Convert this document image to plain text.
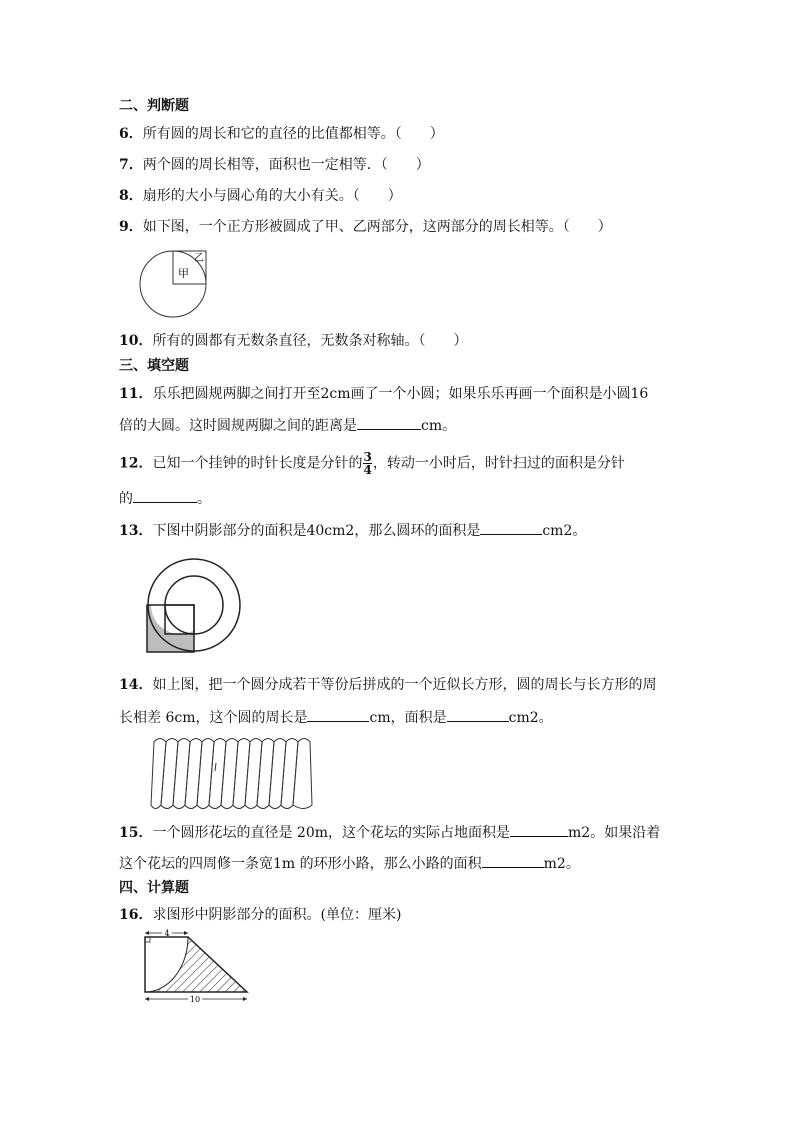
二、判断题
6．所有圆的周长和它的直径的比值都相等。（　　）
7．两个圆的周长相等，面积也一定相等．（　　）
8．扇形的大小与圆心角的大小有关。（　　）
9．如下图，一个正方形被圆成了甲、乙两部分，这两部分的周长相等。（　　）
甲
乙
10．所有的圆都有无数条直径，无数条对称轴。（　　）
三、填空题
11．乐乐把圆规两脚之间打开至2cm画了一个小圆；如果乐乐再画一个面积是小圆16
倍的大圆。这时圆规两脚之间的距离是	cm。
12．已知一个挂钟的时针长度是分针的 $\frac{3}{4}$ ，转动一小时后，时针扫过的面积是分针
的	。
13．下图中阴影部分的面积是40cm2，那么圆环的面积是	cm2。
14．如上图，把一个圆分成若干等份后拼成的一个近似长方形，圆的周长与长方形的周
长相差 6cm，这个圆的周长是	cm，面积是	cm2。
15．一个圆形花坛的直径是 20m，这个花坛的实际占地面积是	m2。如果沿着
这个花坛的四周修一条宽1m 的环形小路，那么小路的面积	m2。
四、计算题
16．求图形中阴影部分的面积。(单位：厘米)
4
10
